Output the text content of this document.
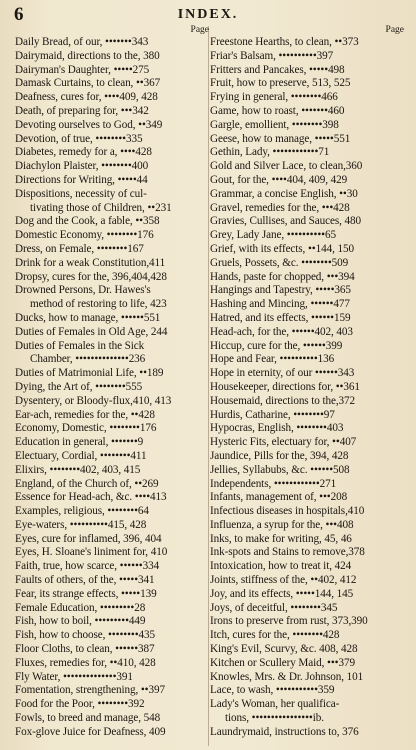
6	INDEX.
Page
Daily Bread, of our, •••••••343
Dairymaid, directions to the, 380
Dairyman's Daughter, •••••275
Damask Curtains, to clean, ••367
Deafness, cures for, ••••409, 428
Death, of preparing for, •••342
Devoting ourselves to God, ••349
Devotion, of true, ••••••••335
Diabetes, remedy for a, ••••428
Diachylon Plaister, ••••••••400
Directions for Writing, •••••44
Dispositions, necessity of cul-
tivating those of Children, ••231
Dog and the Cook, a fable, ••358
Domestic Economy, ••••••••176
Dress, on Female, ••••••••167
Drink for a weak Constitution,411
Dropsy, cures for the, 396,404,428
Drowned Persons, Dr. Hawes's
method of restoring to life, 423
Ducks, how to manage, ••••••551
Duties of Females in Old Age, 244
Duties of Females in the Sick
Chamber, ••••••••••••••236
Duties of Matrimonial Life, ••189
Dying, the Art of, ••••••••555
Dysentery, or Bloody-flux,410, 413
Ear-ach, remedies for the, ••428
Economy, Domestic, ••••••••176
Education in general, •••••••9
Electuary, Cordial, ••••••••411
Elixirs, ••••••••402, 403, 415
England, of the Church of, ••269
Essence for Head-ach, &c. ••••413
Examples, religious, ••••••••64
Eye-waters, ••••••••••415, 428
Eyes, cure for inflamed, 396, 404
Eyes, H. Sloane's liniment for, 410
Faith, true, how scarce, ••••••334
Faults of others, of the, •••••341
Fear, its strange effects, •••••139
Female Education, •••••••••28
Fish, how to boil, •••••••••449
Fish, how to choose, ••••••••435
Floor Cloths, to clean, ••••••387
Fluxes, remedies for, ••410, 428
Fly Water, ••••••••••••••391
Fomentation, strengthening, ••397
Food for the Poor, ••••••••392
Fowls, to breed and manage, 548
Fox-glove Juice for Deafness, 409
Page
Freestone Hearths, to clean, ••373
Friar's Balsam, ••••••••••397
Fritters and Pancakes, •••••498
Fruit, how to preserve, 513, 525
Frying in general, ••••••••466
Game, how to roast, •••••••460
Gargle, emollient, ••••••••398
Geese, how to manage, •••••551
Gethin, Lady, ••••••••••••71
Gold and Silver Lace, to clean,360
Gout, for the, ••••404, 409, 429
Grammar, a concise English, ••30
Gravel, remedies for the, •••428
Gravies, Cullises, and Sauces, 480
Grey, Lady Jane, ••••••••••65
Grief, with its effects, ••144, 150
Gruels, Possets, &c. ••••••••509
Hands, paste for chopped, •••394
Hangings and Tapestry, •••••365
Hashing and Mincing, ••••••477
Hatred, and its effects, ••••••159
Head-ach, for the, ••••••402, 403
Hiccup, cure for the, ••••••399
Hope and Fear, ••••••••••136
Hope in eternity, of our ••••••343
Housekeeper, directions for, ••361
Housemaid, directions to the,372
Hurdis, Catharine, ••••••••97
Hypocras, English, ••••••••403
Hysteric Fits, electuary for, ••407
Jaundice, Pills for the, 394, 428
Jellies, Syllabubs, &c. ••••••508
Independents, ••••••••••••271
Infants, management of, •••208
Infectious diseases in hospitals,410
Influenza, a syrup for the, •••408
Inks, to make for writing, 45, 46
Ink-spots and Stains to remove,378
Intoxication, how to treat it, 424
Joints, stiffness of the, ••402, 412
Joy, and its effects, •••••144, 145
Joys, of deceitful, ••••••••345
Irons to preserve from rust, 373,390
Itch, cures for the, ••••••••428
King's Evil, Scurvy, &c. 408, 428
Kitchen or Scullery Maid, •••379
Knowles, Mrs. & Dr. Johnson, 101
Lace, to wash, •••••••••••359
Lady's Woman, her qualifica-
tions, ••••••••••••••••ib.
Laundrymaid, instructions to, 376
